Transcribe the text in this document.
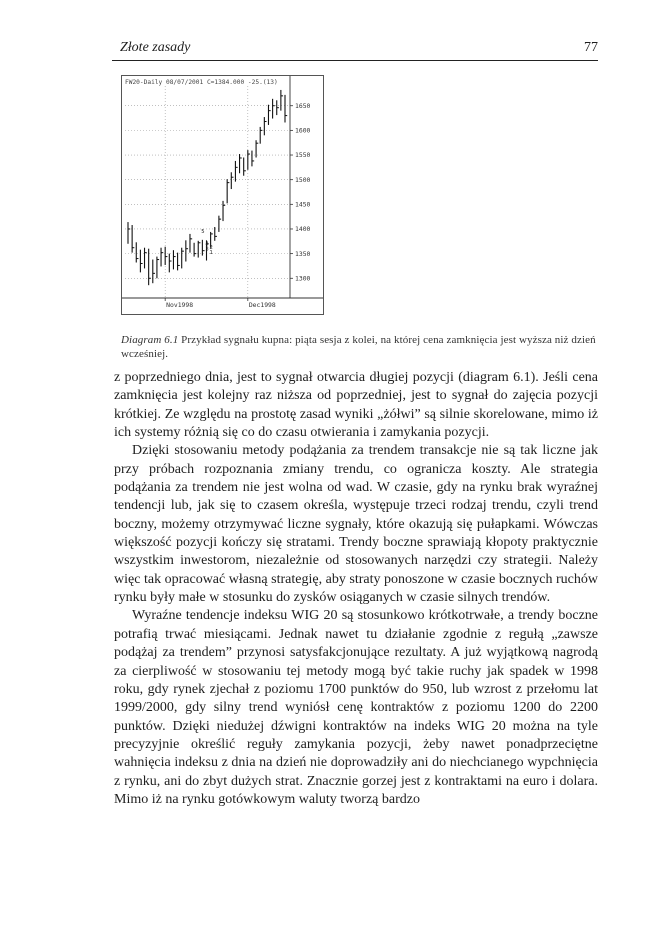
Złote zasady	77
1300
1350
1400
1450
1500
1550
1600
1650
Nov1998	Dec1998
5
4
3 2
1
FW20-Daily 08/07/2001 C=1384.000 -25.(13)
Diagram 6.1 Przykład sygnału kupna: piąta sesja z kolei, na której cena zamknięcia jest wyższa niż dzień wcześniej.

z poprzedniego dnia, jest to sygnał otwarcia długiej pozycji (diagram 6.1). Jeśli cena zamknięcia jest kolejny raz niższa od poprzedniej, jest to sygnał do zajęcia pozycji krótkiej. Ze względu na prostotę zasad wyniki „żółwi” są silnie skorelowane, mimo iż ich systemy różnią się co do czasu otwierania i zamykania pozycji.

Dzięki stosowaniu metody podążania za trendem transakcje nie są tak liczne jak przy próbach rozpoznania zmiany trendu, co ogranicza koszty. Ale strategia podążania za trendem nie jest wolna od wad. W czasie, gdy na rynku brak wyraźnej tendencji lub, jak się to czasem określa, występuje trzeci rodzaj trendu, czyli trend boczny, możemy otrzymywać liczne sygnały, które okazują się pułapkami. Wówczas większość pozycji kończy się stratami. Trendy boczne sprawiają kłopoty praktycznie wszystkim inwestorom, niezależnie od stosowanych narzędzi czy strategii. Należy więc tak opracować własną strategię, aby straty ponoszone w czasie bocznych ruchów rynku były małe w stosunku do zysków osiąganych w czasie silnych trendów.

Wyraźne tendencje indeksu WIG 20 są stosunkowo krótkotrwałe, a trendy boczne potrafią trwać miesiącami. Jednak nawet tu działanie zgodnie z regułą „zawsze podążaj za trendem” przynosi satysfakcjonujące rezultaty. A już wyjątkową nagrodą za cierpliwość w stosowaniu tej metody mogą być takie ruchy jak spadek w 1998 roku, gdy rynek zjechał z poziomu 1700 punktów do 950, lub wzrost z przełomu lat 1999/2000, gdy silny trend wyniósł cenę kontraktów z poziomu 1200 do 2200 punktów. Dzięki niedużej dźwigni kontraktów na indeks WIG 20 można na tyle precyzyjnie określić reguły zamykania pozycji, żeby nawet ponadprzeciętne wahnięcia indeksu z dnia na dzień nie doprowadziły ani do niechcianego wypchnięcia z rynku, ani do zbyt dużych strat. Znacznie gorzej jest z kontraktami na euro i dolara. Mimo iż na rynku gotówkowym waluty tworzą bardzo
